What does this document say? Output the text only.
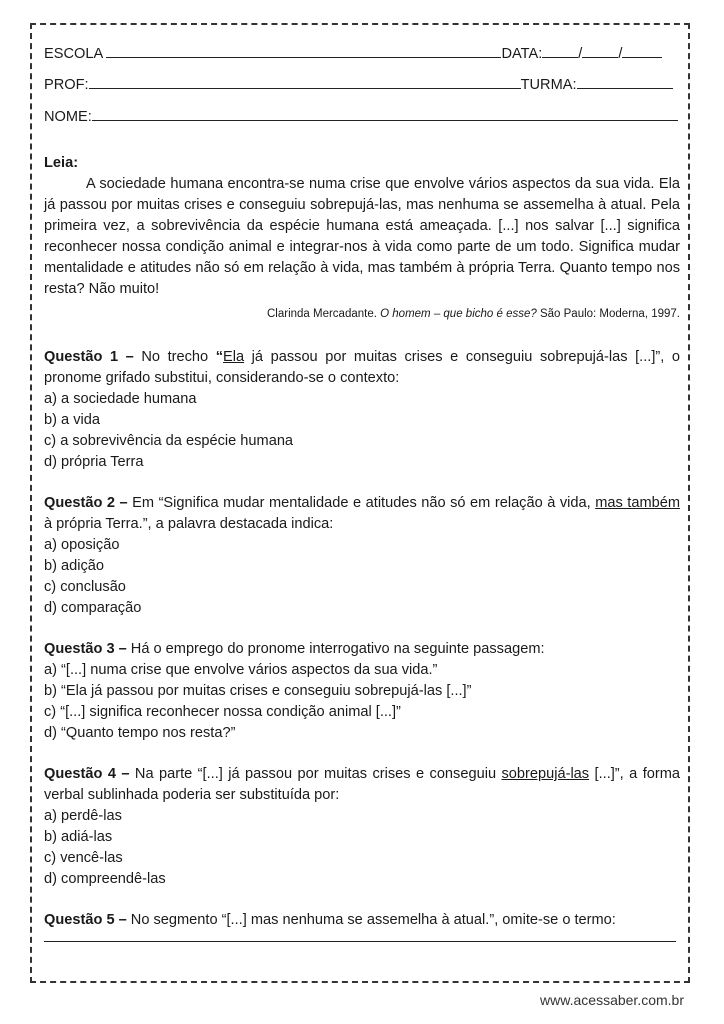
ESCOLA	DATA: / /
PROF:	TURMA:
NOME:
Leia:

A sociedade humana encontra-se numa crise que envolve vários aspectos da sua vida. Ela já passou por muitas crises e conseguiu sobrepujá-las, mas nenhuma se assemelha à atual. Pela primeira vez, a sobrevivência da espécie humana está ameaçada. [...] nos salvar [...] significa reconhecer nossa condição animal e integrar-nos à vida como parte de um todo. Significa mudar mentalidade e atitudes não só em relação à vida, mas também à própria Terra. Quanto tempo nos resta? Não muito!

Clarinda Mercadante. O homem – que bicho é esse? São Paulo: Moderna, 1997.

Questão 1 – No trecho “Ela já passou por muitas crises e conseguiu sobrepujá-las [...]”, o pronome grifado substitui, considerando-se o contexto:

a) a sociedade humana

b) a vida

c) a sobrevivência da espécie humana

d) própria Terra

Questão 2 – Em “Significa mudar mentalidade e atitudes não só em relação à vida, mas também à própria Terra.”, a palavra destacada indica:

a) oposição

b) adição

c) conclusão

d) comparação

Questão 3 – Há o emprego do pronome interrogativo na seguinte passagem:

a) “[...] numa crise que envolve vários aspectos da sua vida.”

b) “Ela já passou por muitas crises e conseguiu sobrepujá-las [...]”

c) “[...] significa reconhecer nossa condição animal [...]”

d) “Quanto tempo nos resta?”

Questão 4 – Na parte “[...] já passou por muitas crises e conseguiu sobrepujá-las [...]”, a forma verbal sublinhada poderia ser substituída por:

a) perdê-las

b) adiá-las

c) vencê-las

d) compreendê-las

Questão 5 – No segmento “[...] mas nenhuma se assemelha à atual.”, omite-se o termo:

www.acessaber.com.br
